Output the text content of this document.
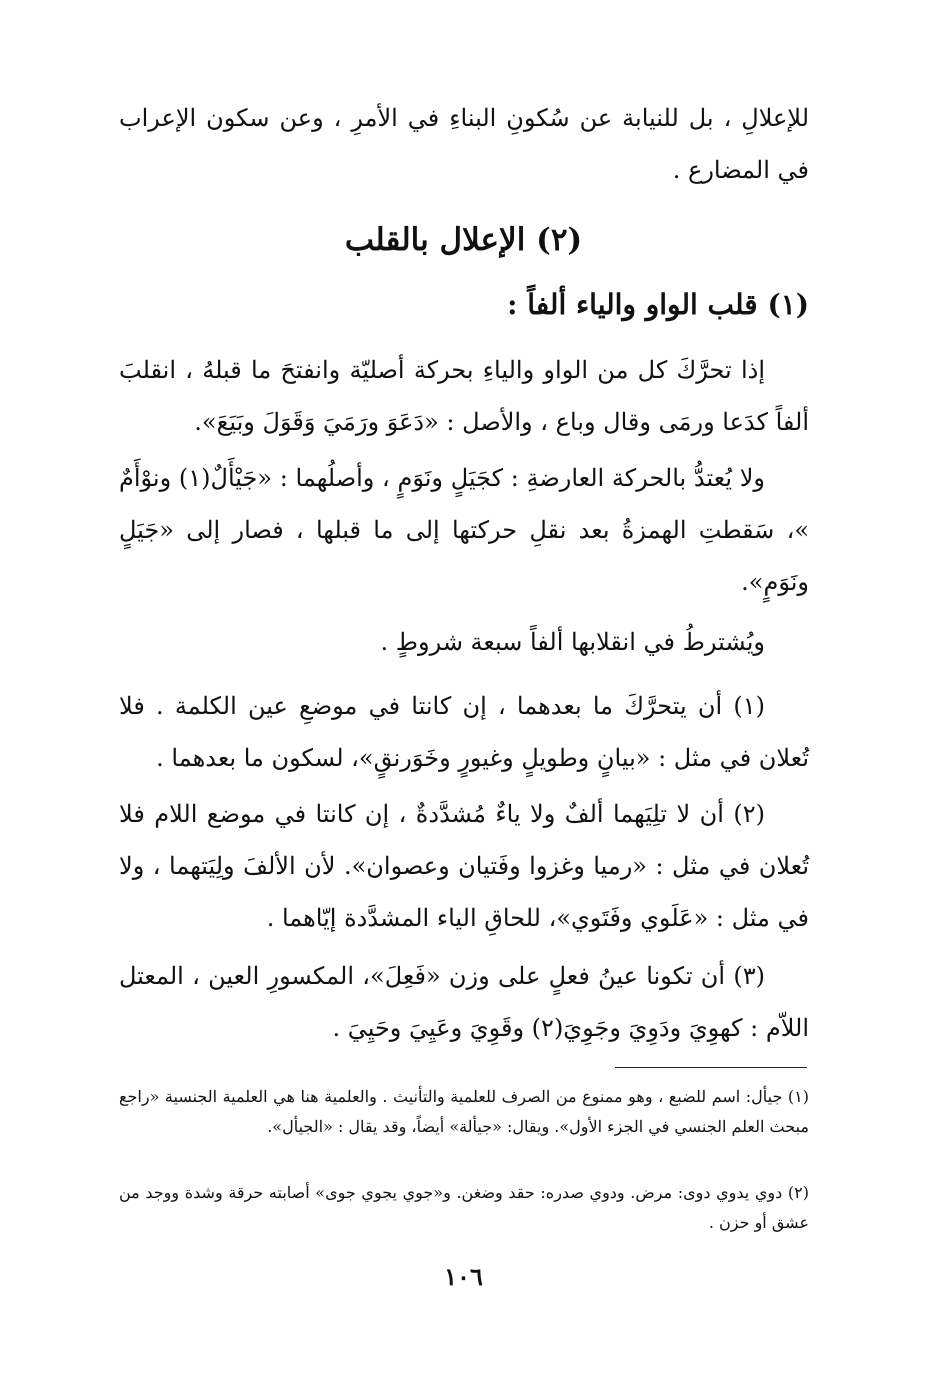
للإعلالِ ، بل للنيابة عن سُكونِ البناءِ في الأمرِ ، وعن سكون الإعراب في المضارع .

(٢) الإعلال بالقلب
(١) قلب الواو والياء ألفاً :

إذا تحرَّكَ كل من الواو والياءِ بحركة أصليّة وانفتحَ ما قبلهُ ، انقلبَ ألفاً كدَعا ورمَى وقال وباع ، والأصل : «دَعَوَ ورَمَيَ وَقَوَلَ وبَيَعَ».

ولا يُعتدُّ بالحركة العارضةِ : كجَيَلٍ ونَوَمٍ ، وأصلُهما : «جَيْأَلٌ(١) ونوْأَمٌ »، سَقطتِ الهمزةُ بعد نقلِ حركتها إلى ما قبلها ، فصار إلى «جَيَلٍ ونَوَمٍ».

ويُشترطُ في انقلابها ألفاً سبعة شروطٍ .

(١) أن يتحرَّكَ ما بعدهما ، إن كانتا في موضعِ عين الكلمة . فلا تُعلان في مثل : «بيانٍ وطويلٍ وغيورٍ وخَوَرنقٍ»، لسكون ما بعدهما .

(٢) أن لا تلِيَهما ألفٌ ولا ياءٌ مُشدَّدةٌ ، إن كانتا في موضع اللام فلا تُعلان في مثل : «رميا وغزوا وفَتيان وعصوان». لأن الألفَ ولِيَتهما ، ولا في مثل : «عَلَوي وفَتَوي»، للحاقِ الياء المشدَّدة إيّاهما .

(٣) أن تكونا عينُ فعلٍ على وزن «فَعِلَ»، المكسورِ العين ، المعتل اللاّم : كهوِيَ ودَوِيَ وجَوِيَ(٢) وقَوِيَ وعَيِيَ وحَيِيَ .

(١) جيأل: اسم للضبع ، وهو ممنوع من الصرف للعلمية والتأنيث . والعلمية هنا هي العلمية الجنسية «راجع مبحث العلم الجنسي في الجزء الأول». ويقال: «جيألة» أيضاً، وقد يقال : «الجيأل».

(٢) دوي يدوي دوى: مرض. ودوي صدره: حقد وضغن. و«جوي يجوي جوى» أصابته حرقة وشدة ووجد من عشق أو حزن .

١٠٦
